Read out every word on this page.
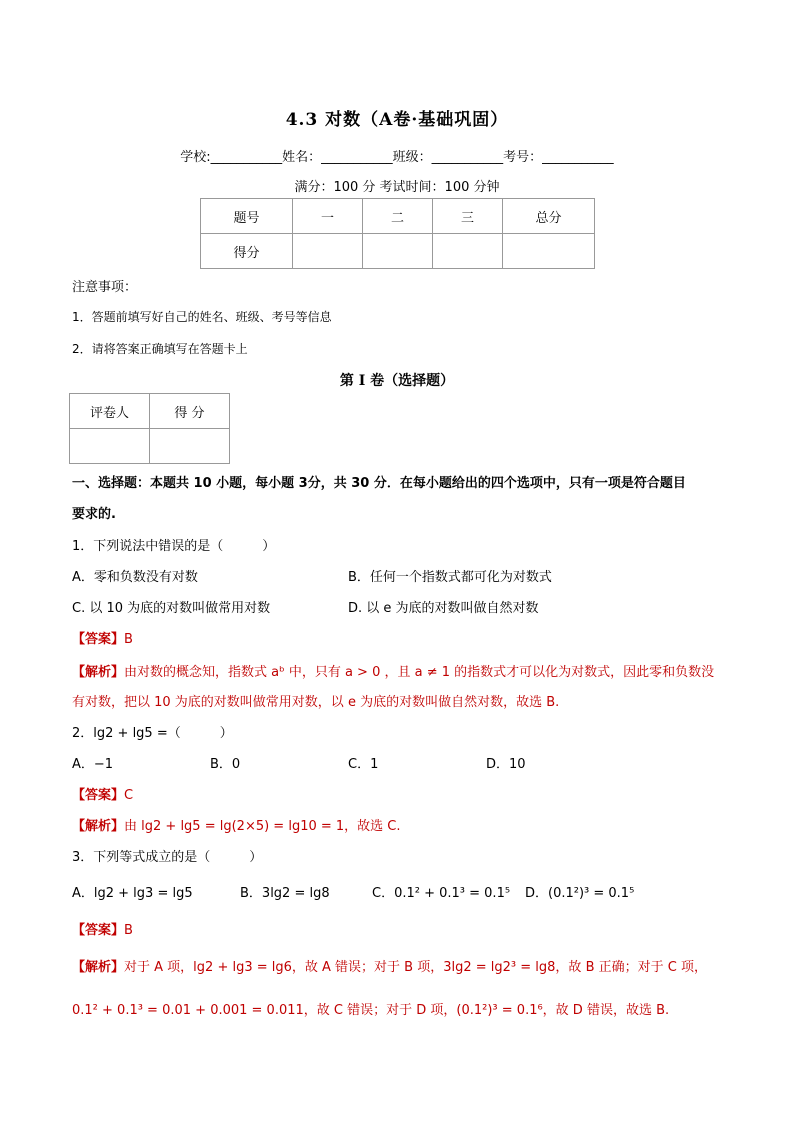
4.3 对数（A卷·基础巩固）
学校:___________姓名：___________班级：___________考号：___________
满分：100 分 考试时间：100 分钟
题号	一	二	三	总分
得分				
注意事项：
1．答题前填写好自己的姓名、班级、考号等信息
2．请将答案正确填写在答题卡上
第 I 卷（选择题）
评卷人	得 分

一、选择题：本题共 10 小题，每小题 3分，共 30 分．在每小题给出的四个选项中，只有一项是符合题目
要求的.
1．下列说法中错误的是（　　　）
A．零和负数没有对数	B．任何一个指数式都可化为对数式
C. 以 10 为底的对数叫做常用对数	D. 以 e 为底的对数叫做自然对数
【答案】B
【解析】由对数的概念知，指数式 aᵇ 中，只有 a > 0 ，且 a ≠ 1 的指数式才可以化为对数式，因此零和负数没
有对数，把以 10 为底的对数叫做常用对数，以 e 为底的对数叫做自然对数，故选 B.
2．lg2 + lg5 =（　　　）
A．−1	B．0	C．1	D．10
【答案】C
【解析】由 lg2 + lg5 = lg(2×5) = lg10 = 1，故选 C.
3．下列等式成立的是（　　　）
A．lg2 + lg3 = lg5	B．3lg2 = lg8	C．0.1² + 0.1³ = 0.1⁵ D．(0.1²)³ = 0.1⁵
【答案】B
【解析】对于 A 项，lg2 + lg3 = lg6，故 A 错误；对于 B 项，3lg2 = lg2³ = lg8，故 B 正确；对于 C 项，
0.1² + 0.1³ = 0.01 + 0.001 = 0.011，故 C 错误；对于 D 项，(0.1²)³ = 0.1⁶，故 D 错误，故选 B.
